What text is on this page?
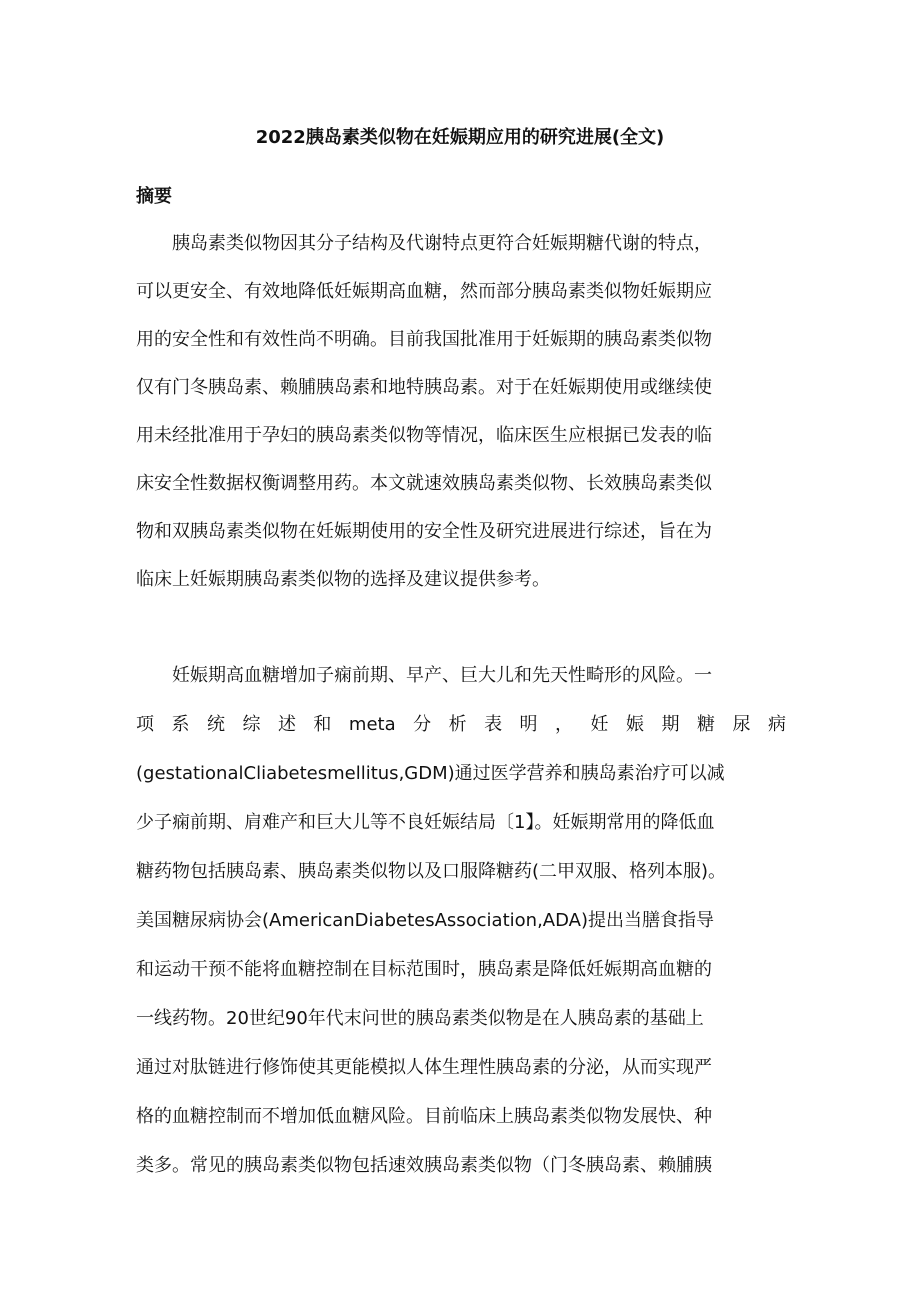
2022胰岛素类似物在妊娠期应用的研究进展(全文)
摘要
胰岛素类似物因其分子结构及代谢特点更符合妊娠期糖代谢的特点，
可以更安全、有效地降低妊娠期高血糖，然而部分胰岛素类似物妊娠期应
用的安全性和有效性尚不明确。目前我国批准用于妊娠期的胰岛素类似物
仅有门冬胰岛素、赖脯胰岛素和地特胰岛素。对于在妊娠期使用或继续使
用未经批准用于孕妇的胰岛素类似物等情况，临床医生应根据已发表的临
床安全性数据权衡调整用药。本文就速效胰岛素类似物、长效胰岛素类似
物和双胰岛素类似物在妊娠期使用的安全性及研究进展进行综述，旨在为
临床上妊娠期胰岛素类似物的选择及建议提供参考。
妊娠期高血糖增加子痫前期、早产、巨大儿和先天性畸形的风险。一
项 系 统 综 述 和 meta 分 析 表 明 ， 妊 娠 期 糖 尿 病
(gestationalCliabetesmellitus,GDM)通过医学营养和胰岛素治疗可以减
少子痫前期、肩难产和巨大儿等不良妊娠结局〔1】。妊娠期常用的降低血
糖药物包括胰岛素、胰岛素类似物以及口服降糖药(二甲双服、格列本服)。
美国糖尿病协会(AmericanDiabetesAssociation,ADA)提出当膳食指导
和运动干预不能将血糖控制在目标范围时，胰岛素是降低妊娠期高血糖的
一线药物。20世纪90年代末问世的胰岛素类似物是在人胰岛素的基础上
通过对肽链进行修饰使其更能模拟人体生理性胰岛素的分泌，从而实现严
格的血糖控制而不增加低血糖风险。目前临床上胰岛素类似物发展快、种
类多。常见的胰岛素类似物包括速效胰岛素类似物（门冬胰岛素、赖脯胰
